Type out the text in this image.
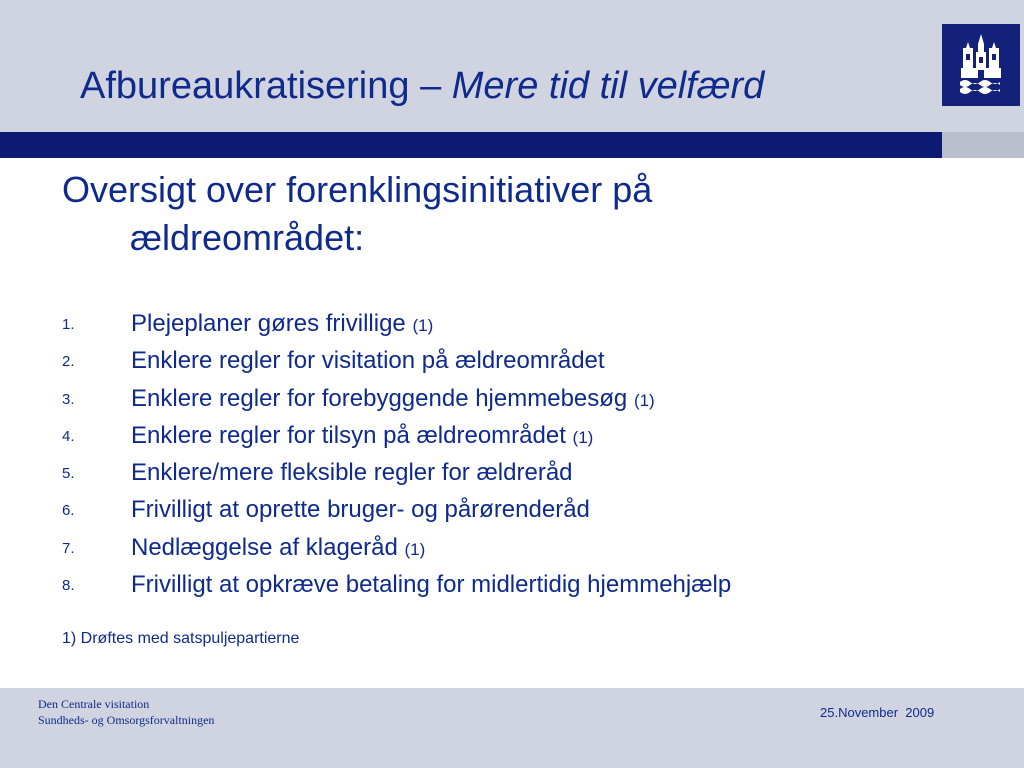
Afbureaukratisering – Mere tid til velfærd
Oversigt over forenklingsinitiativer på
ældreområdet:
1. Plejeplaner gøres frivillige (1)
2. Enklere regler for visitation på ældreområdet
3. Enklere regler for forebyggende hjemmebesøg (1)
4. Enklere regler for tilsyn på ældreområdet (1)
5. Enklere/mere fleksible regler for ældreråd
6. Frivilligt at oprette bruger- og pårørenderåd
7. Nedlæggelse af klageråd (1)
8. Frivilligt at opkræve betaling for midlertidig hjemmehjælp

1) Drøftes med satspuljepartierne

Den Centrale visitation
Sundheds- og Omsorgsforvaltningen	25.November  2009
